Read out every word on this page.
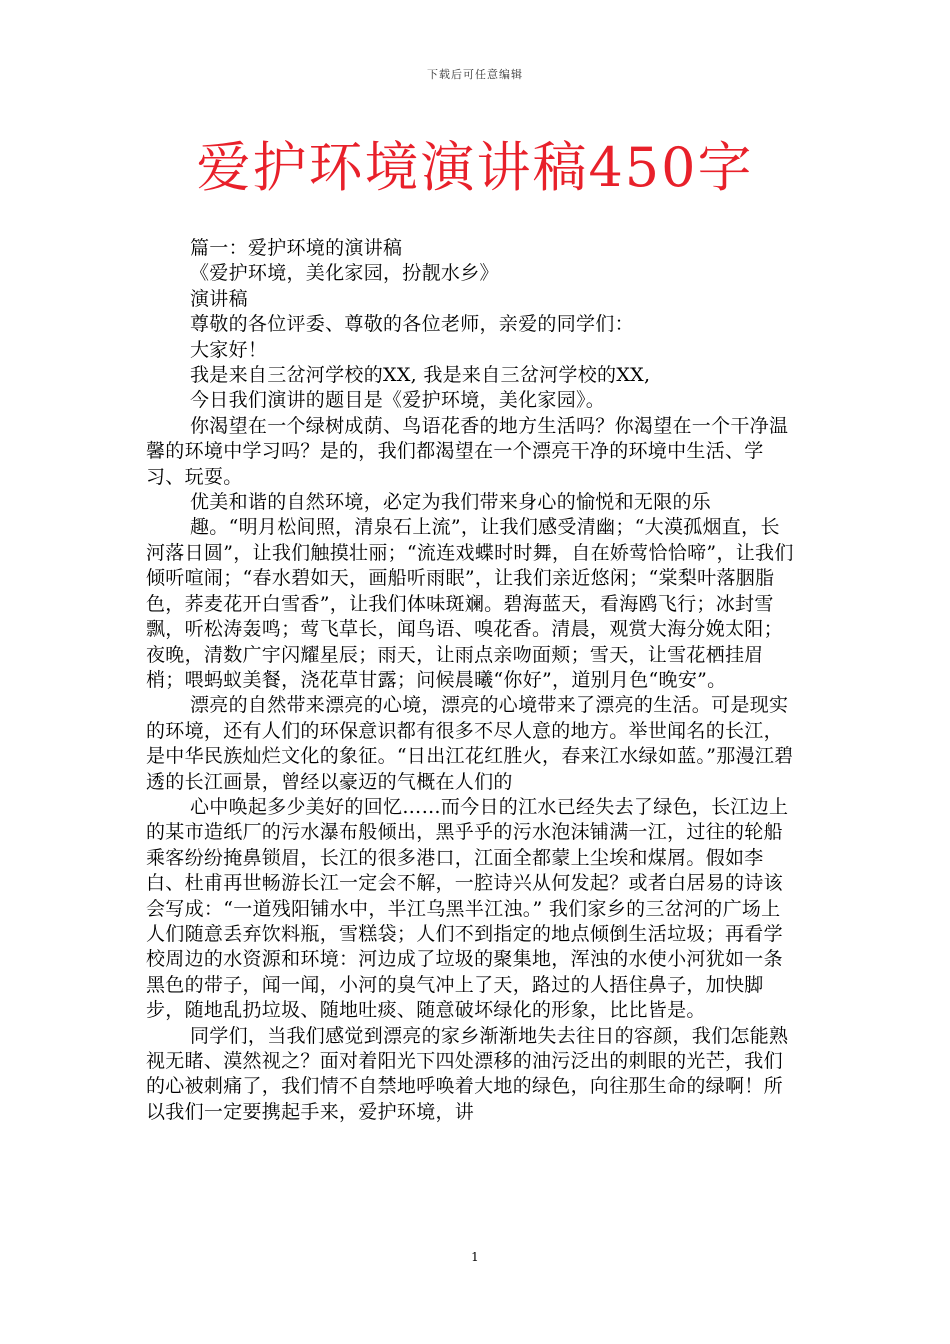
下载后可任意编辑
爱护环境演讲稿450字

篇一：爱护环境的演讲稿

《爱护环境，美化家园，扮靓水乡》

演讲稿

尊敬的各位评委、尊敬的各位老师，亲爱的同学们：

大家好！

我是来自三岔河学校的XX, 我是来自三岔河学校的XX,

今日我们演讲的题目是《爱护环境，美化家园》。

你渴望在一个绿树成荫、鸟语花香的地方生活吗？你渴望在一个干净温馨的环境中学习吗？是的，我们都渴望在一个漂亮干净的环境中生活、学习、玩耍。

优美和谐的自然环境，必定为我们带来身心的愉悦和无限的乐

趣。“明月松间照，清泉石上流”，让我们感受清幽；“大漠孤烟直，长河落日圆”，让我们触摸壮丽；“流连戏蝶时时舞，自在娇莺恰恰啼”，让我们倾听喧闹；“春水碧如天，画船听雨眠”，让我们亲近悠闲；“棠梨叶落胭脂色，荞麦花开白雪香”，让我们体味斑斓。碧海蓝天，看海鸥飞行；冰封雪飘，听松涛轰鸣；莺飞草长，闻鸟语、嗅花香。清晨，观赏大海分娩太阳；夜晚，清数广宇闪耀星辰；雨天，让雨点亲吻面颊；雪天，让雪花栖挂眉梢；喂蚂蚁美餐，浇花草甘露；问候晨曦“你好”，道别月色“晚安”。

漂亮的自然带来漂亮的心境，漂亮的心境带来了漂亮的生活。可是现实的环境，还有人们的环保意识都有很多不尽人意的地方。举世闻名的长江，是中华民族灿烂文化的象征。“日出江花红胜火，春来江水绿如蓝。”那漫江碧透的长江画景，曾经以豪迈的气概在人们的

心中唤起多少美好的回忆……而今日的江水已经失去了绿色，长江边上的某市造纸厂的污水瀑布般倾出，黑乎乎的污水泡沫铺满一江，过往的轮船乘客纷纷掩鼻锁眉，长江的很多港口，江面全都蒙上尘埃和煤屑。假如李白、杜甫再世畅游长江一定会不解，一腔诗兴从何发起？或者白居易的诗该会写成：“一道残阳铺水中，半江乌黑半江浊。” 我们家乡的三岔河的广场上人们随意丢弃饮料瓶，雪糕袋；人们不到指定的地点倾倒生活垃圾；再看学校周边的水资源和环境：河边成了垃圾的聚集地，浑浊的水使小河犹如一条黑色的带子，闻一闻，小河的臭气冲上了天，路过的人捂住鼻子，加快脚步，随地乱扔垃圾、随地吐痰、随意破坏绿化的形象，比比皆是。

同学们，当我们感觉到漂亮的家乡渐渐地失去往日的容颜，我们怎能熟视无睹、漠然视之？面对着阳光下四处漂移的油污泛出的刺眼的光芒，我们的心被刺痛了，我们情不自禁地呼唤着大地的绿色，向往那生命的绿啊！所以我们一定要携起手来，爱护环境，讲

1
